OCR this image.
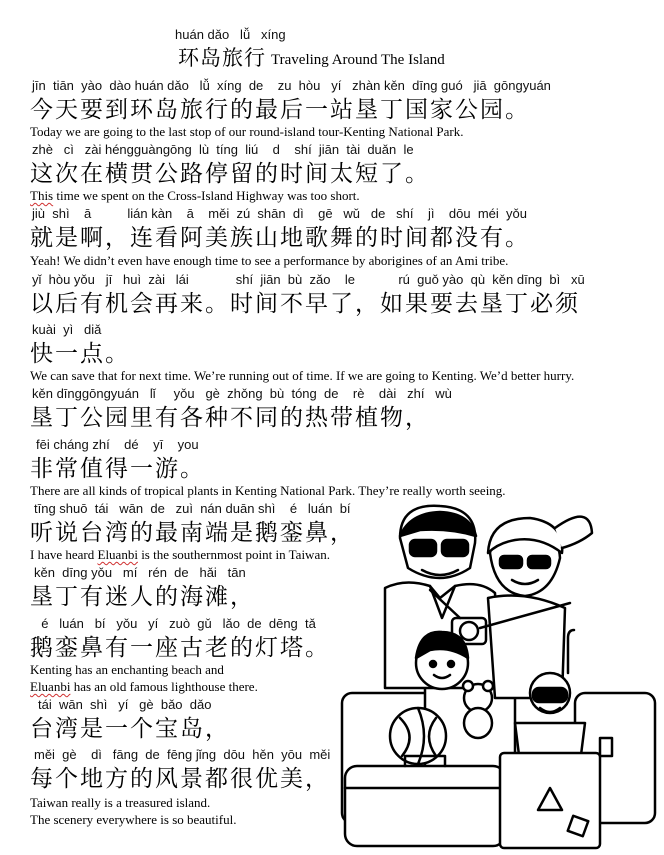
huán dǎo   lǚ   xíng
环岛旅行 Traveling Around The Island
jīn  tiān  yào  dào huán dǎo   lǚ  xíng  de    zu  hòu   yí   zhàn kěn  dīng guó   jiā  gōngyuán
今天要到环岛旅行的最后一站垦丁国家公园。
Today we are going to the last stop of our round-island tour-Kenting National Park.
zhè   cì   zài héngguàngōng  lù  tíng  liú    d    shí  jiān  tài  duǎn  le
这次在横贯公路停留的时间太短了。
This time we spent on the Cross-Island Highway was too short.
jiù  shì    ā          lián kàn    ā    měi  zú  shān  dì    gē   wǔ   de   shí    jì    dōu  méi  yǒu
就是啊，连看阿美族山地歌舞的时间都没有。
Yeah! We didn’t even have enough time to see a performance by aborigines of an Ami tribe.
yǐ  hòu yǒu   jī   huì  zài   lái             shí  jiān  bù  zǎo    le            rú  guǒ yào  qù  kěn dīng  bì   xū
以后有机会再来。时间不早了，如果要去垦丁必须
kuài  yì   diǎ
快一点。
We can save that for next time. We’re running out of time. If we are going to Kenting. We’d better hurry.
kěn dīnggōngyuán   lǐ     yǒu   gè  zhǒng  bù  tóng  de    rè    dài   zhí   wù
垦丁公园里有各种不同的热带植物，
fēi cháng zhí    dé    yī    you
非常值得一游。
There are all kinds of tropical plants in Kenting National Park. They’re really worth seeing.
tīng shuō  tái   wān  de   zuì  nán duān shì    é   luán  bí
听说台湾的最南端是鹅銮鼻，
I have heard Eluanbi is the southernmost point in Taiwan.
kěn  dīng yǒu   mí   rén  de   hǎi   tān
垦丁有迷人的海滩，
é   luán   bí   yǒu   yí   zuò  gǔ   lǎo  de  dēng  tǎ
鹅銮鼻有一座古老的灯塔。
Kenting has an enchanting beach and
Eluanbi has an old famous lighthouse there.
tái  wān  shì   yí   gè  bǎo  dǎo
台湾是一个宝岛，
měi  gè    dì   fāng  de  fēng jǐng  dōu  hěn  yōu  měi
每个地方的风景都很优美，
Taiwan really is a treasured island.
The scenery everywhere is so beautiful.
